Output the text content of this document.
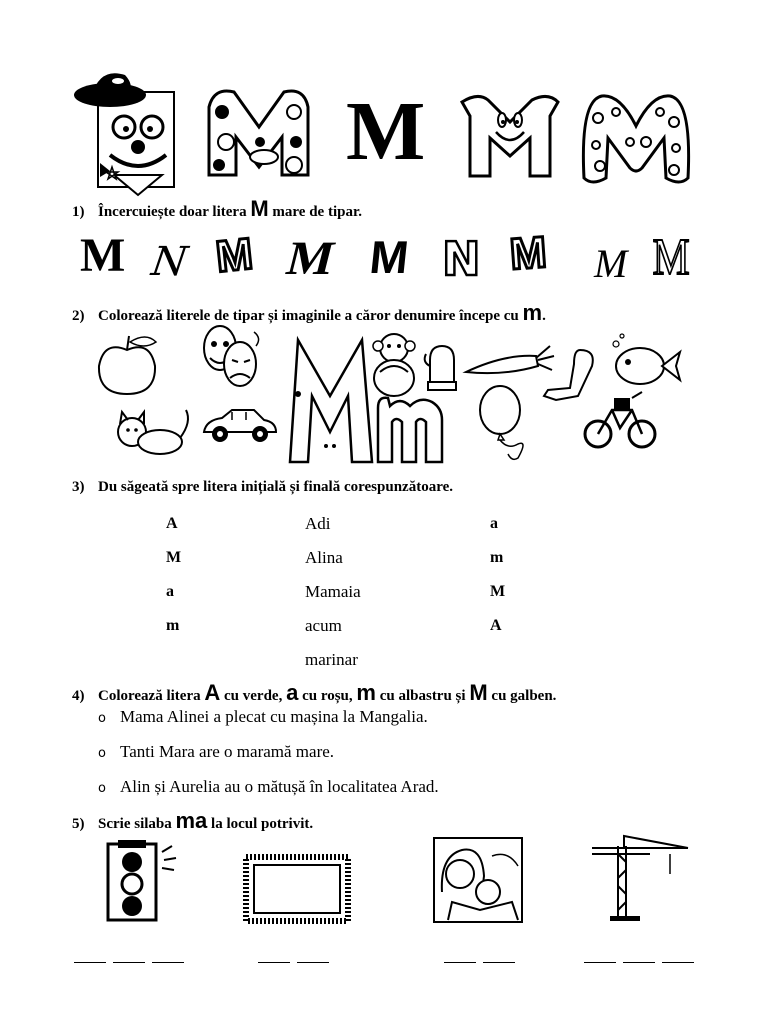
M
1) Încercuiește doar litera M mare de tipar.
M N M M M N M M M
2) Colorează literele de tipar și imaginile a căror denumire începe cu m.
3) Du săgeată spre litera inițială și finală corespunzătoare.
A
M
a
m
Adi
Alina
Mamaia
acum
marinar
a
m
M
A
4) Colorează litera A cu verde, a cu roșu, m cu albastru și M cu galben.
o Mama Alinei a plecat cu mașina la Mangalia.
o Tanti Mara are o maramă mare.
o Alin și Aurelia au o mătușă în localitatea Arad.
5) Scrie silaba ma la locul potrivit.
